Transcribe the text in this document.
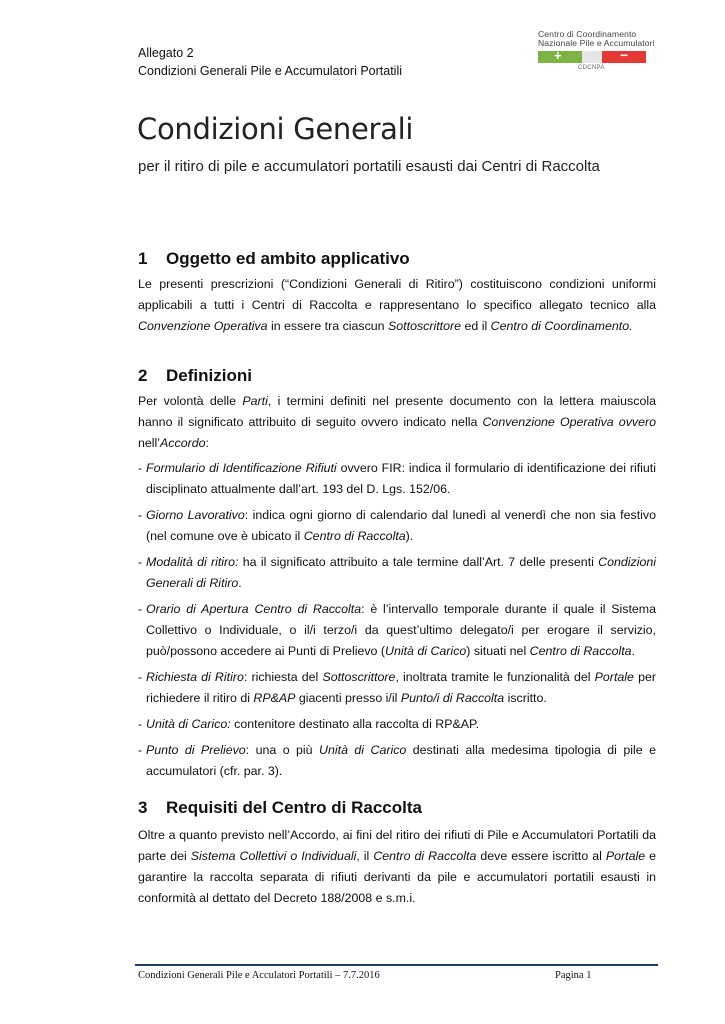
Allegato 2
Condizioni Generali Pile e Accumulatori Portatili
Centro di Coordinamento
Nazionale Pile e Accumulatori
+	−
CDCNPA
Condizioni Generali
per il ritiro di pile e accumulatori portatili esausti dai Centri di Raccolta
1 Oggetto ed ambito applicativo

Le presenti prescrizioni (“Condizioni Generali di Ritiro”) costituiscono condizioni uniformi applicabili a tutti i Centri di Raccolta e rappresentano lo specifico allegato tecnico alla Convenzione Operativa in essere tra ciascun Sottoscrittore ed il Centro di Coordinamento.

2 Definizioni

Per volontà delle Parti, i termini definiti nel presente documento con la lettera maiuscola hanno il significato attribuito di seguito ovvero indicato nella Convenzione Operativa ovvero nell’Accordo:

- Formulario di Identificazione Rifiuti ovvero FIR: indica il formulario di identificazione dei rifiuti disciplinato attualmente dall’art. 193 del D. Lgs. 152/06.
- Giorno Lavorativo: indica ogni giorno di calendario dal lunedì al venerdì che non sia festivo (nel comune ove è ubicato il Centro di Raccolta).
- Modalità di ritiro: ha il significato attribuito a tale termine dall’Art. 7 delle presenti Condizioni Generali di Ritiro.
- Orario di Apertura Centro di Raccolta: è l’intervallo temporale durante il quale il Sistema Collettivo o Individuale, o il/i terzo/i da quest’ultimo delegato/i per erogare il servizio, può/possono accedere ai Punti di Prelievo (Unità di Carico) situati nel Centro di Raccolta.
- Richiesta di Ritiro: richiesta del Sottoscrittore, inoltrata tramite le funzionalità del Portale per richiedere il ritiro di RP&AP giacenti presso i/il Punto/i di Raccolta iscritto.
- Unità di Carico: contenitore destinato alla raccolta di RP&AP.
- Punto di Prelievo: una o più Unità di Carico destinati alla medesima tipologia di pile e accumulatori (cfr. par. 3).
3 Requisiti del Centro di Raccolta

Oltre a quanto previsto nell’Accordo, ai fini del ritiro dei rifiuti di Pile e Accumulatori Portatili da parte dei Sistema Collettivi o Individuali, il Centro di Raccolta deve essere iscritto al Portale e garantire la raccolta separata di rifiuti derivanti da pile e accumulatori portatili esausti in conformità al dettato del Decreto 188/2008 e s.m.i.

Condizioni Generali Pile e Acculatori Portatili – 7.7.2016	Pagina 1
